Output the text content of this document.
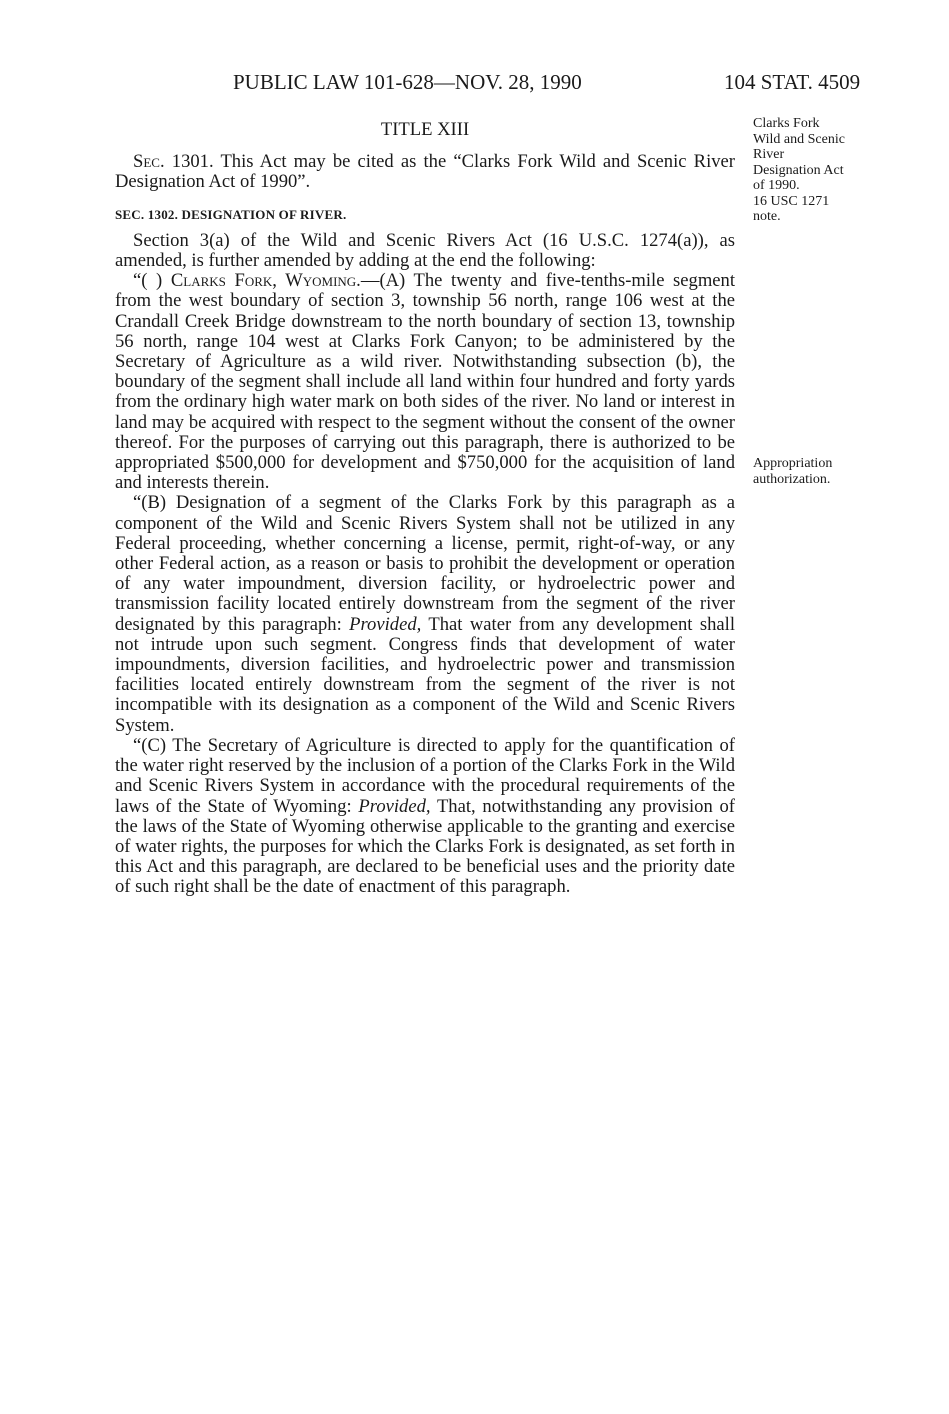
PUBLIC LAW 101-628—NOV. 28, 1990	104 STAT. 4509
TITLE XIII

Sec. 1301. This Act may be cited as the “Clarks Fork Wild and Scenic River Designation Act of 1990”.

SEC. 1302. DESIGNATION OF RIVER.

Section 3(a) of the Wild and Scenic Rivers Act (16 U.S.C. 1274(a)), as amended, is further amended by adding at the end the following:

“( ) Clarks Fork, Wyoming.—(A) The twenty and five-tenths-mile segment from the west boundary of section 3, township 56 north, range 106 west at the Crandall Creek Bridge downstream to the north boundary of section 13, township 56 north, range 104 west at Clarks Fork Canyon; to be administered by the Secretary of Agriculture as a wild river. Notwithstanding subsection (b), the boundary of the segment shall include all land within four hundred and forty yards from the ordinary high water mark on both sides of the river. No land or interest in land may be acquired with respect to the segment without the consent of the owner thereof. For the purposes of carrying out this paragraph, there is authorized to be appropriated $500,000 for development and $750,000 for the acquisition of land and interests therein.

“(B) Designation of a segment of the Clarks Fork by this paragraph as a component of the Wild and Scenic Rivers System shall not be utilized in any Federal proceeding, whether concerning a license, permit, right-of-way, or any other Federal action, as a reason or basis to prohibit the development or operation of any water impoundment, diversion facility, or hydroelectric power and transmission facility located entirely downstream from the segment of the river designated by this paragraph: Provided, That water from any development shall not intrude upon such segment. Congress finds that development of water impoundments, diversion facilities, and hydroelectric power and transmission facilities located entirely downstream from the segment of the river is not incompatible with its designation as a component of the Wild and Scenic Rivers System.

“(C) The Secretary of Agriculture is directed to apply for the quantification of the water right reserved by the inclusion of a portion of the Clarks Fork in the Wild and Scenic Rivers System in accordance with the procedural requirements of the laws of the State of Wyoming: Provided, That, notwithstanding any provision of the laws of the State of Wyoming otherwise applicable to the granting and exercise of water rights, the purposes for which the Clarks Fork is designated, as set forth in this Act and this paragraph, are declared to be beneficial uses and the priority date of such right shall be the date of enactment of this paragraph.

Clarks Fork
Wild and Scenic
River
Designation Act
of 1990.
16 USC 1271
note.
Appropriation
authorization.
